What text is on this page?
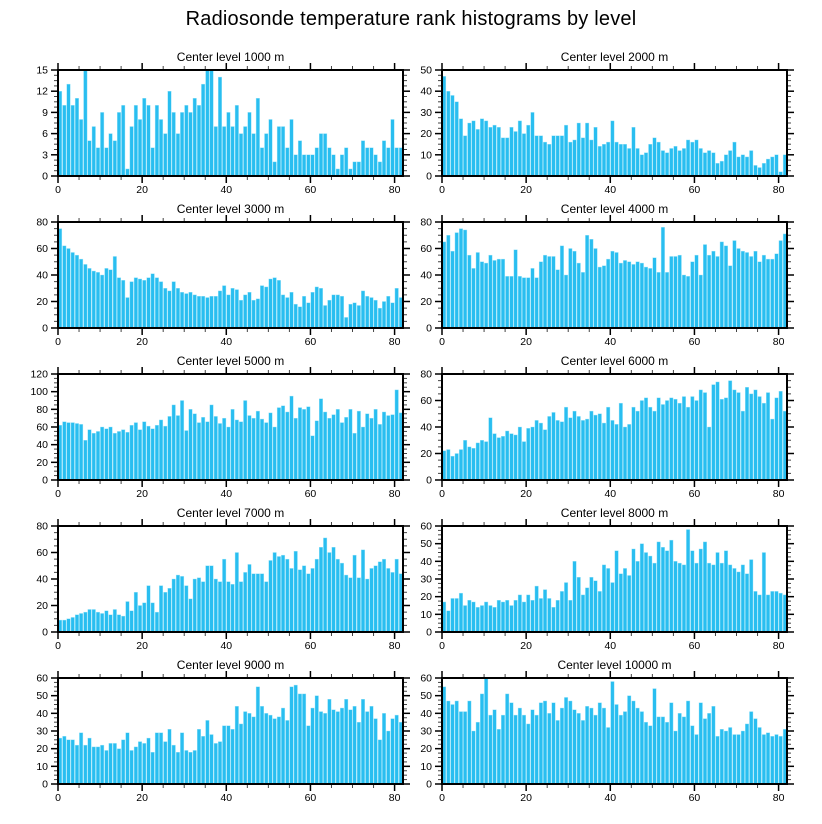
Radiosonde temperature rank histograms by level
Center level 1000 m
0	20	40	60	80
0
3
6
9
12
15
Center level 2000 m
0	20	40	60	80
0
10
20
30
40
50
Center level 3000 m
0	20	40	60	80
0
20
40
60
80
Center level 4000 m
0	20	40	60	80
0
20
40
60
80
Center level 5000 m
0	20	40	60	80
0
20
40
60
80
100
120
Center level 6000 m
0	20	40	60	80
0
20
40
60
80
Center level 7000 m
0	20	40	60	80
0
20
40
60
80
Center level 8000 m
0	20	40	60	80
0
10
20
30
40
50
60
Center level 9000 m
0	20	40	60	80
0
10
20
30
40
50
60
Center level 10000 m
0	20	40	60	80
0
10
20
30
40
50
60
